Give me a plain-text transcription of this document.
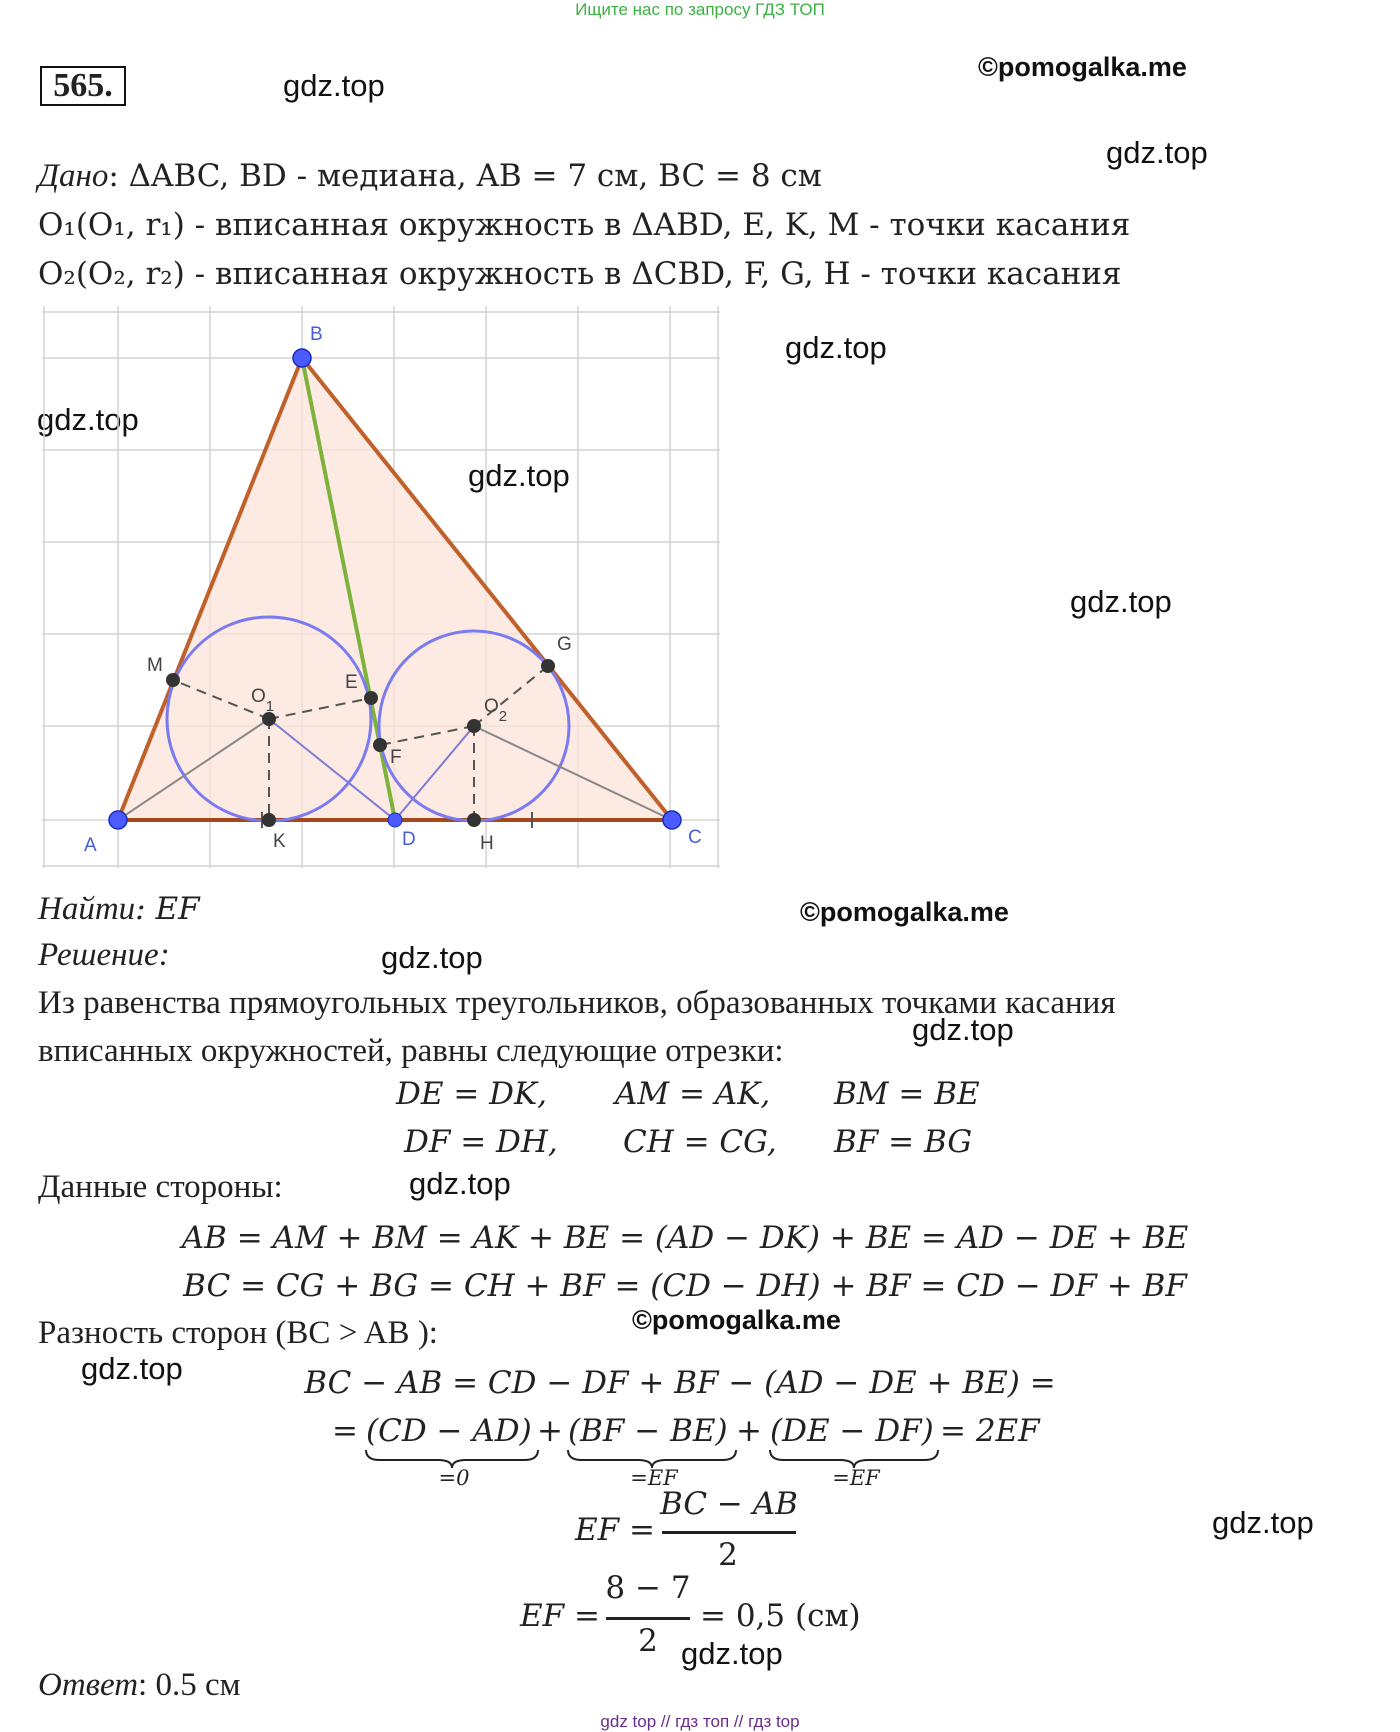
Ищите нас по запросу ГДЗ ТОП
565.	gdz.top
©pomogalka.me
gdz.top
gdz.top
gdz.top
gdz.top
gdz.top
©pomogalka.me
gdz.top
gdz.top
gdz.top
©pomogalka.me
gdz.top
gdz.top
gdz.top
Дано: ΔABC, BD - медиана, AB = 7 см, BC = 8 см
O₁(O₁, r₁) - вписанная окружность в ΔABD, E, K, M - точки касания
O₂(O₂, r₂) - вписанная окружность в ΔCBD, F, G, H - точки касания
B
A	C
D
K	H
M
E
F
G
$O_1$	$O_2$
Найти: EF
Решение:
Из равенства прямоугольных треугольников, образованных точками касания
вписанных окружностей, равны следующие отрезки:
DE = DK, AM = AK, BM = BE
DF = DH, CH = CG, BF = BG
Данные стороны:
AB = AM + BM = AK + BE = (AD − DK) + BE = AD − DE + BE
BC = CG + BG = CH + BF = (CD − DH) + BF = CD − DF + BF
Разность сторон (BC > AB ):
BC − AB = CD − DF + BF − (AD − DE + BE) =
= (CD − AD) + (BF − BE) + (DE − DF) = 2EF
=0	=EF	=EF
EF =
BC − AB
2
EF =
8 − 7
2
= 0,5 (см)
Ответ: 0.5 см
gdz top // гдз топ // гдз top
